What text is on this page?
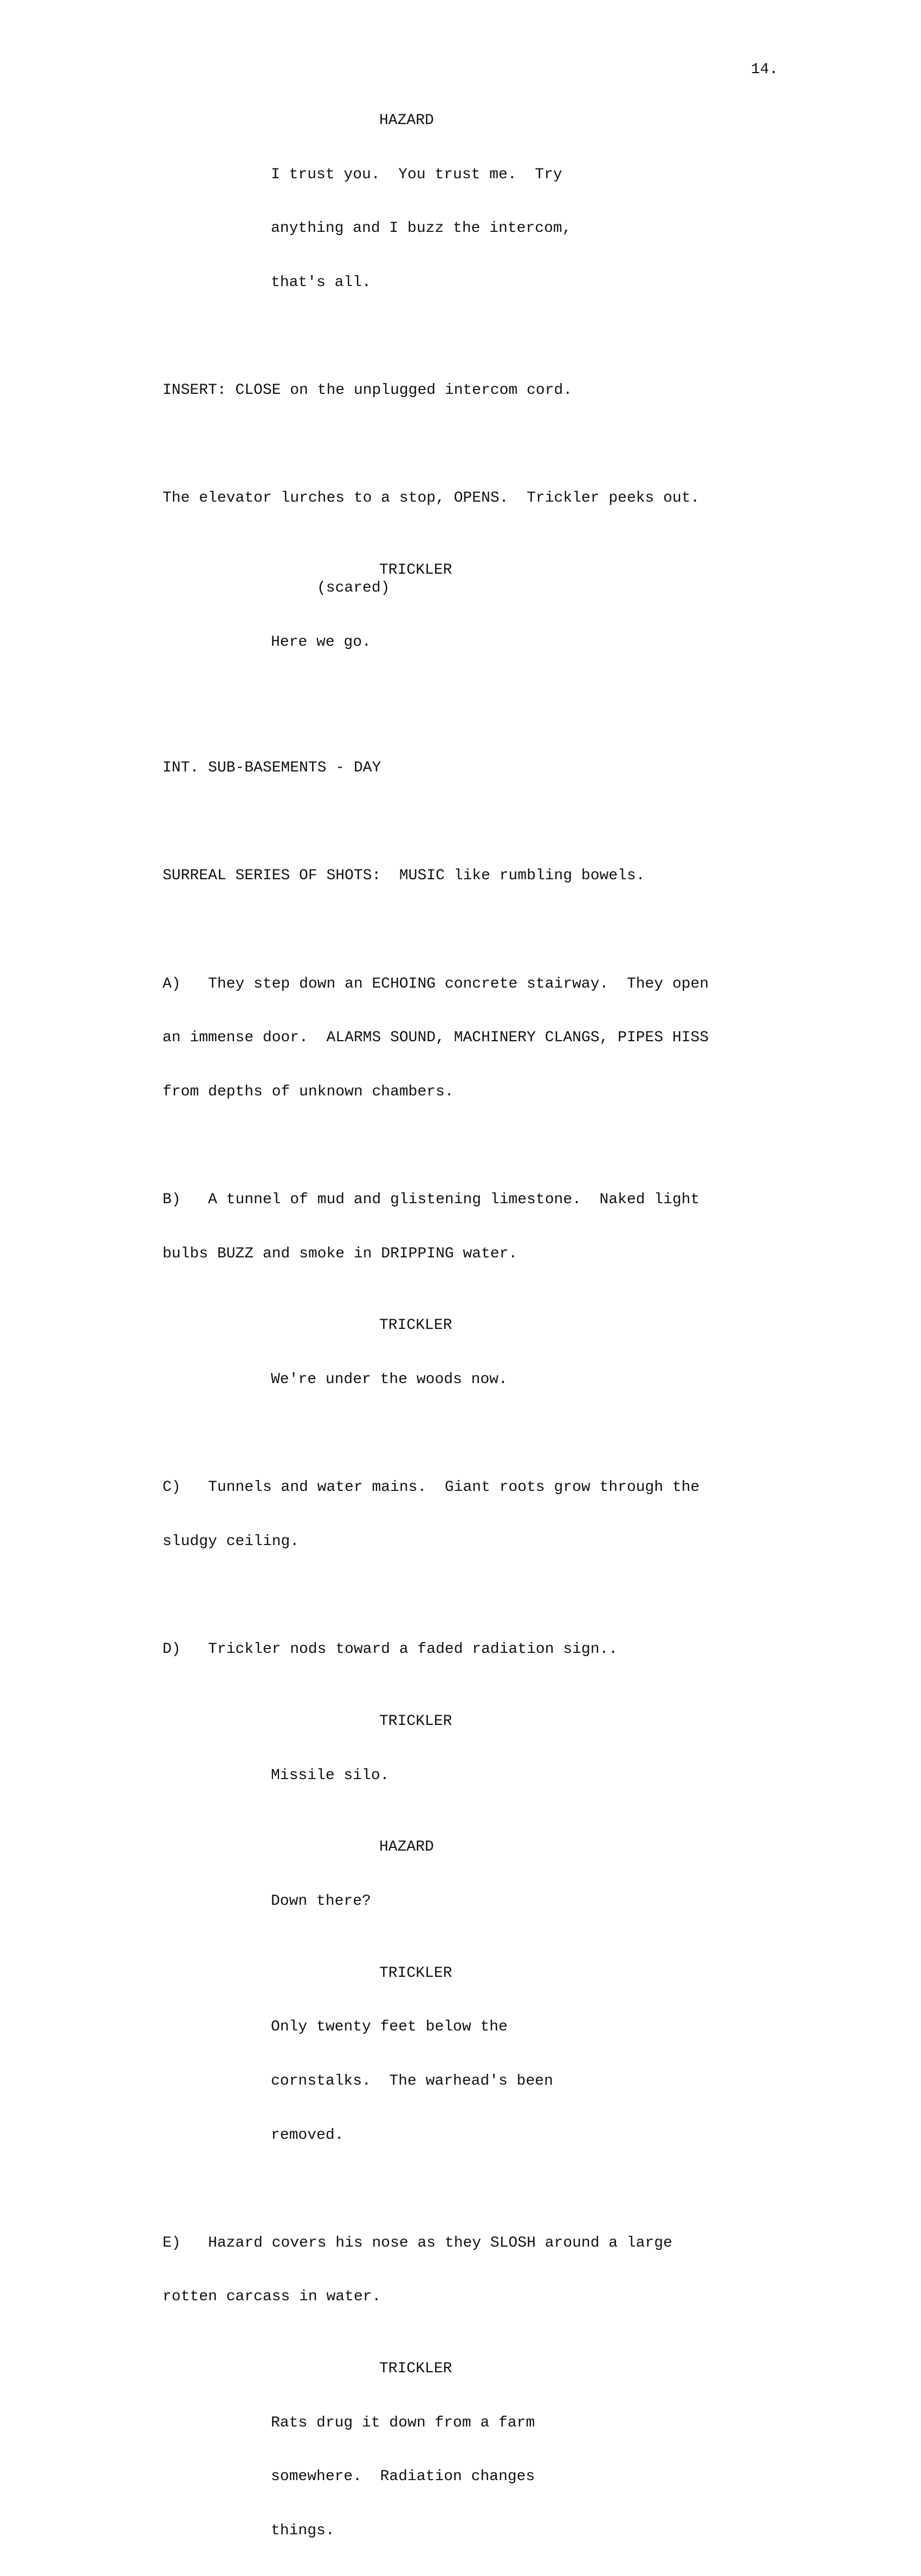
14.
HAZARD

I trust you.  You trust me.  Try

anything and I buzz the intercom,

that's all.

INSERT: CLOSE on the unplugged intercom cord.

The elevator lurches to a stop, OPENS.  Trickler peeks out.

TRICKLER
(scared)

Here we go.

INT. SUB-BASEMENTS - DAY

SURREAL SERIES OF SHOTS:  MUSIC like rumbling bowels.

A)   They step down an ECHOING concrete stairway.  They open

an immense door.  ALARMS SOUND, MACHINERY CLANGS, PIPES HISS

from depths of unknown chambers.

B)   A tunnel of mud and glistening limestone.  Naked light

bulbs BUZZ and smoke in DRIPPING water.

TRICKLER

We're under the woods now.

C)   Tunnels and water mains.  Giant roots grow through the

sludgy ceiling.

D)   Trickler nods toward a faded radiation sign..

TRICKLER

Missile silo.

HAZARD

Down there?

TRICKLER

Only twenty feet below the

cornstalks.  The warhead's been

removed.

E)   Hazard covers his nose as they SLOSH around a large

rotten carcass in water.

TRICKLER

Rats drug it down from a farm

somewhere.  Radiation changes

things.
